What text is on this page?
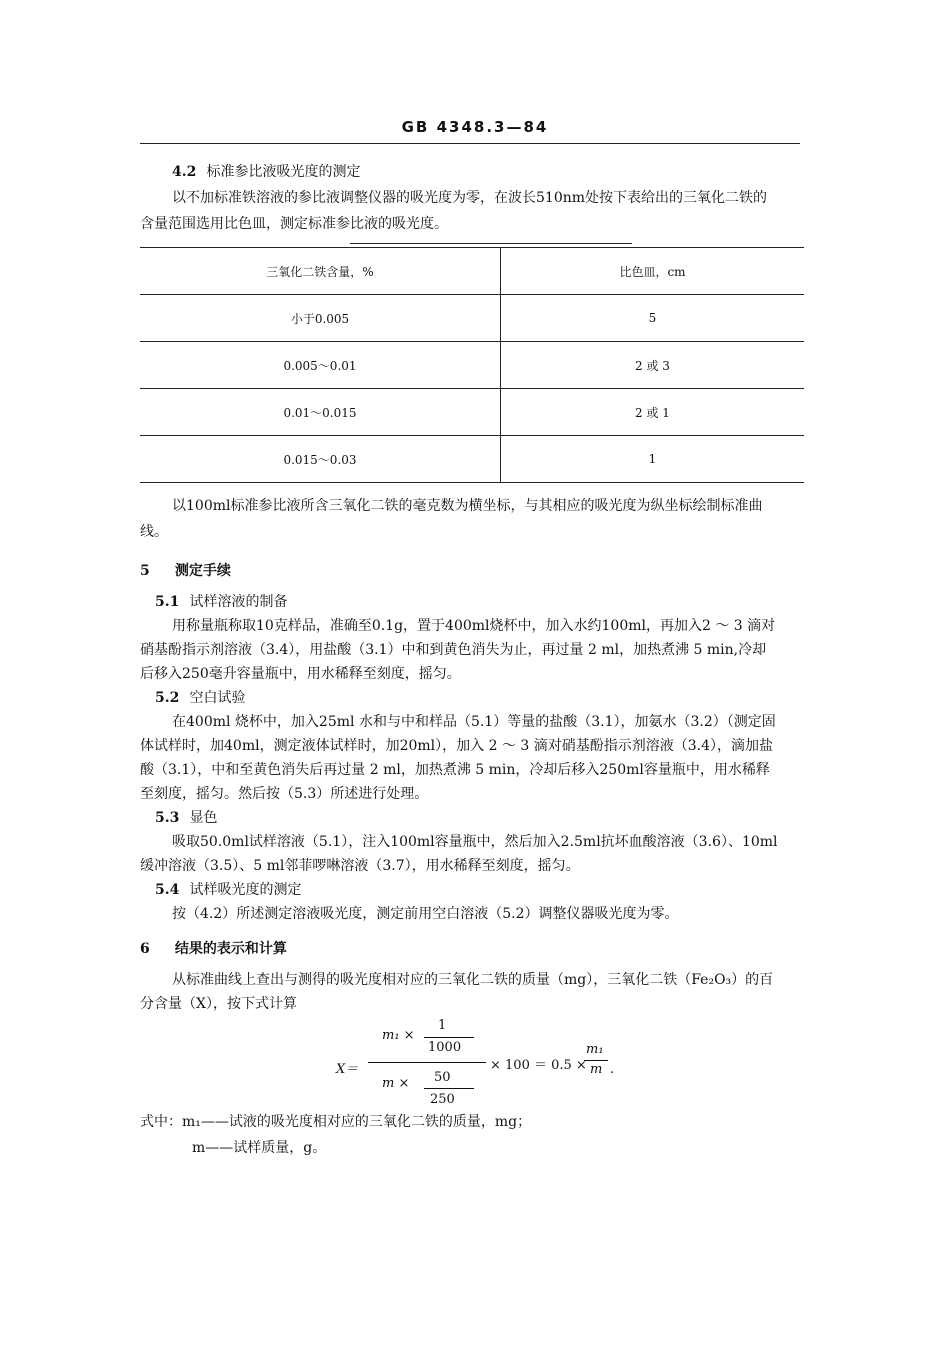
GB 4348.3—84
4.2 标准参比液吸光度的测定
以不加标准铁溶液的参比液调整仪器的吸光度为零，在波长510nm处按下表给出的三氧化二铁的
含量范围选用比色皿，测定标准参比液的吸光度。
三氧化二铁含量，%	比色皿，cm
小于0.005	5
0.005～0.01	2 或 3
0.01～0.015	2 或 1
0.015～0.03	1
以100ml标准参比液所含三氧化二铁的毫克数为横坐标，与其相应的吸光度为纵坐标绘制标准曲
线。
5 测定手续
5.1 试样溶液的制备
用称量瓶称取10克样品，准确至0.1g，置于400ml烧杯中，加入水约100ml，再加入2 ～ 3 滴对
硝基酚指示剂溶液（3.4），用盐酸（3.1）中和到黄色消失为止，再过量 2 ml，加热煮沸 5 min,冷却
后移入250毫升容量瓶中，用水稀释至刻度，摇匀。
5.2 空白试验
在400ml 烧杯中，加入25ml 水和与中和样品（5.1）等量的盐酸（3.1），加氨水（3.2）（测定固
体试样时，加40ml，测定液体试样时，加20ml），加入 2 ～ 3 滴对硝基酚指示剂溶液（3.4），滴加盐
酸（3.1），中和至黄色消失后再过量 2 ml，加热煮沸 5 min，冷却后移入250ml容量瓶中，用水稀释
至刻度，摇匀。然后按（5.3）所述进行处理。
5.3 显色
吸取50.0ml试样溶液（5.1），注入100ml容量瓶中，然后加入2.5ml抗坏血酸溶液（3.6）、10ml
缓冲溶液（3.5）、5 ml邻菲啰啉溶液（3.7），用水稀释至刻度，摇匀。
5.4 试样吸光度的测定
按（4.2）所述测定溶液吸光度，测定前用空白溶液（5.2）调整仪器吸光度为零。
6 结果的表示和计算
从标准曲线上查出与测得的吸光度相对应的三氧化二铁的质量（mg），三氧化二铁（Fe₂O₃）的百
分含量（X），按下式计算
X＝
m₁ ×
1
1000
m × 50
250
× 100 ＝ 0.5 ×
m₁
m .
式中：m₁——试液的吸光度相对应的三氧化二铁的质量，mg；
m——试样质量，g。
